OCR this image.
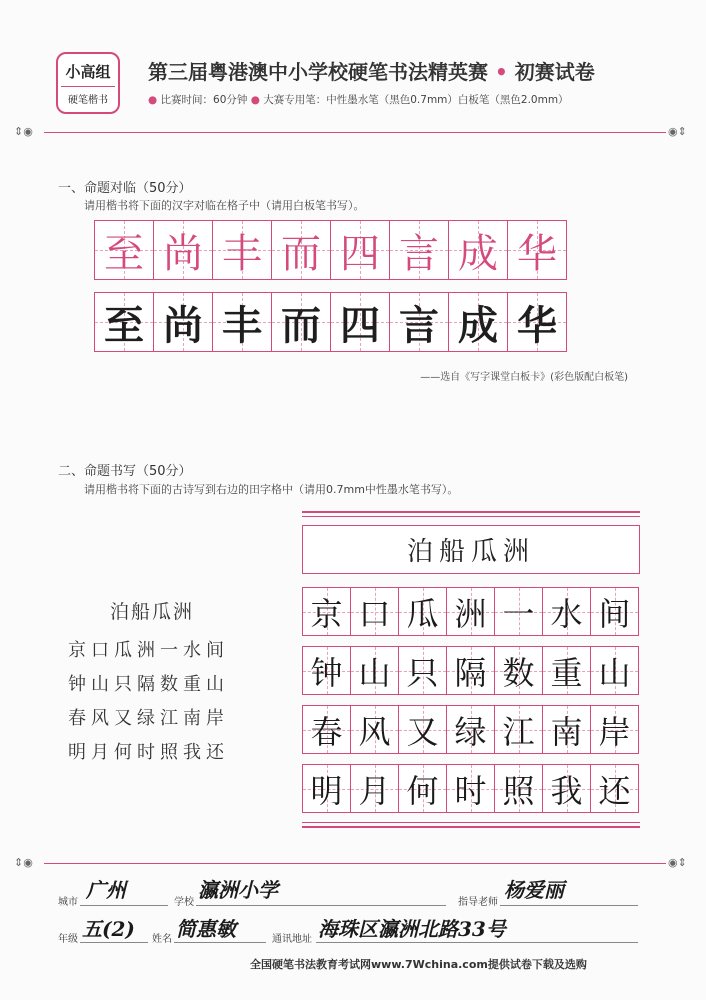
小高组
硬笔楷书
第三届粤港澳中小学校硬笔书法精英赛 • 初赛试卷
● 比赛时间：60分钟 ● 大赛专用笔：中性墨水笔（黑色0.7mm）白板笔（黑色2.0mm）
⇕◉	◉⇕
一、命题对临（50分）
请用楷书将下面的汉字对临在格子中（请用白板笔书写）。
至 尚 丰 而 四 言 成 华
至 尚 丰 而 四 言 成 华
——选自《写字课堂白板卡》(彩色版配白板笔)
二、命题书写（50分）
请用楷书将下面的古诗写到右边的田字格中（请用0.7mm中性墨水笔书写）。
泊船瓜洲
京口瓜洲一水间
钟山只隔数重山
春风又绿江南岸
明月何时照我还
泊船瓜洲
京 口 瓜 洲 一 水 间
钟 山 只 隔 数 重 山
春 风 又 绿 江 南 岸
明 月 何 时 照 我 还
⇕◉	◉⇕
城市
广州
学校
瀛洲小学
指导老师
杨爱丽
年级 五(2) 姓名 简惠敏	通讯地址 海珠区瀛洲北路33号
全国硬笔书法教育考试网www.7Wchina.com提供试卷下载及选购
